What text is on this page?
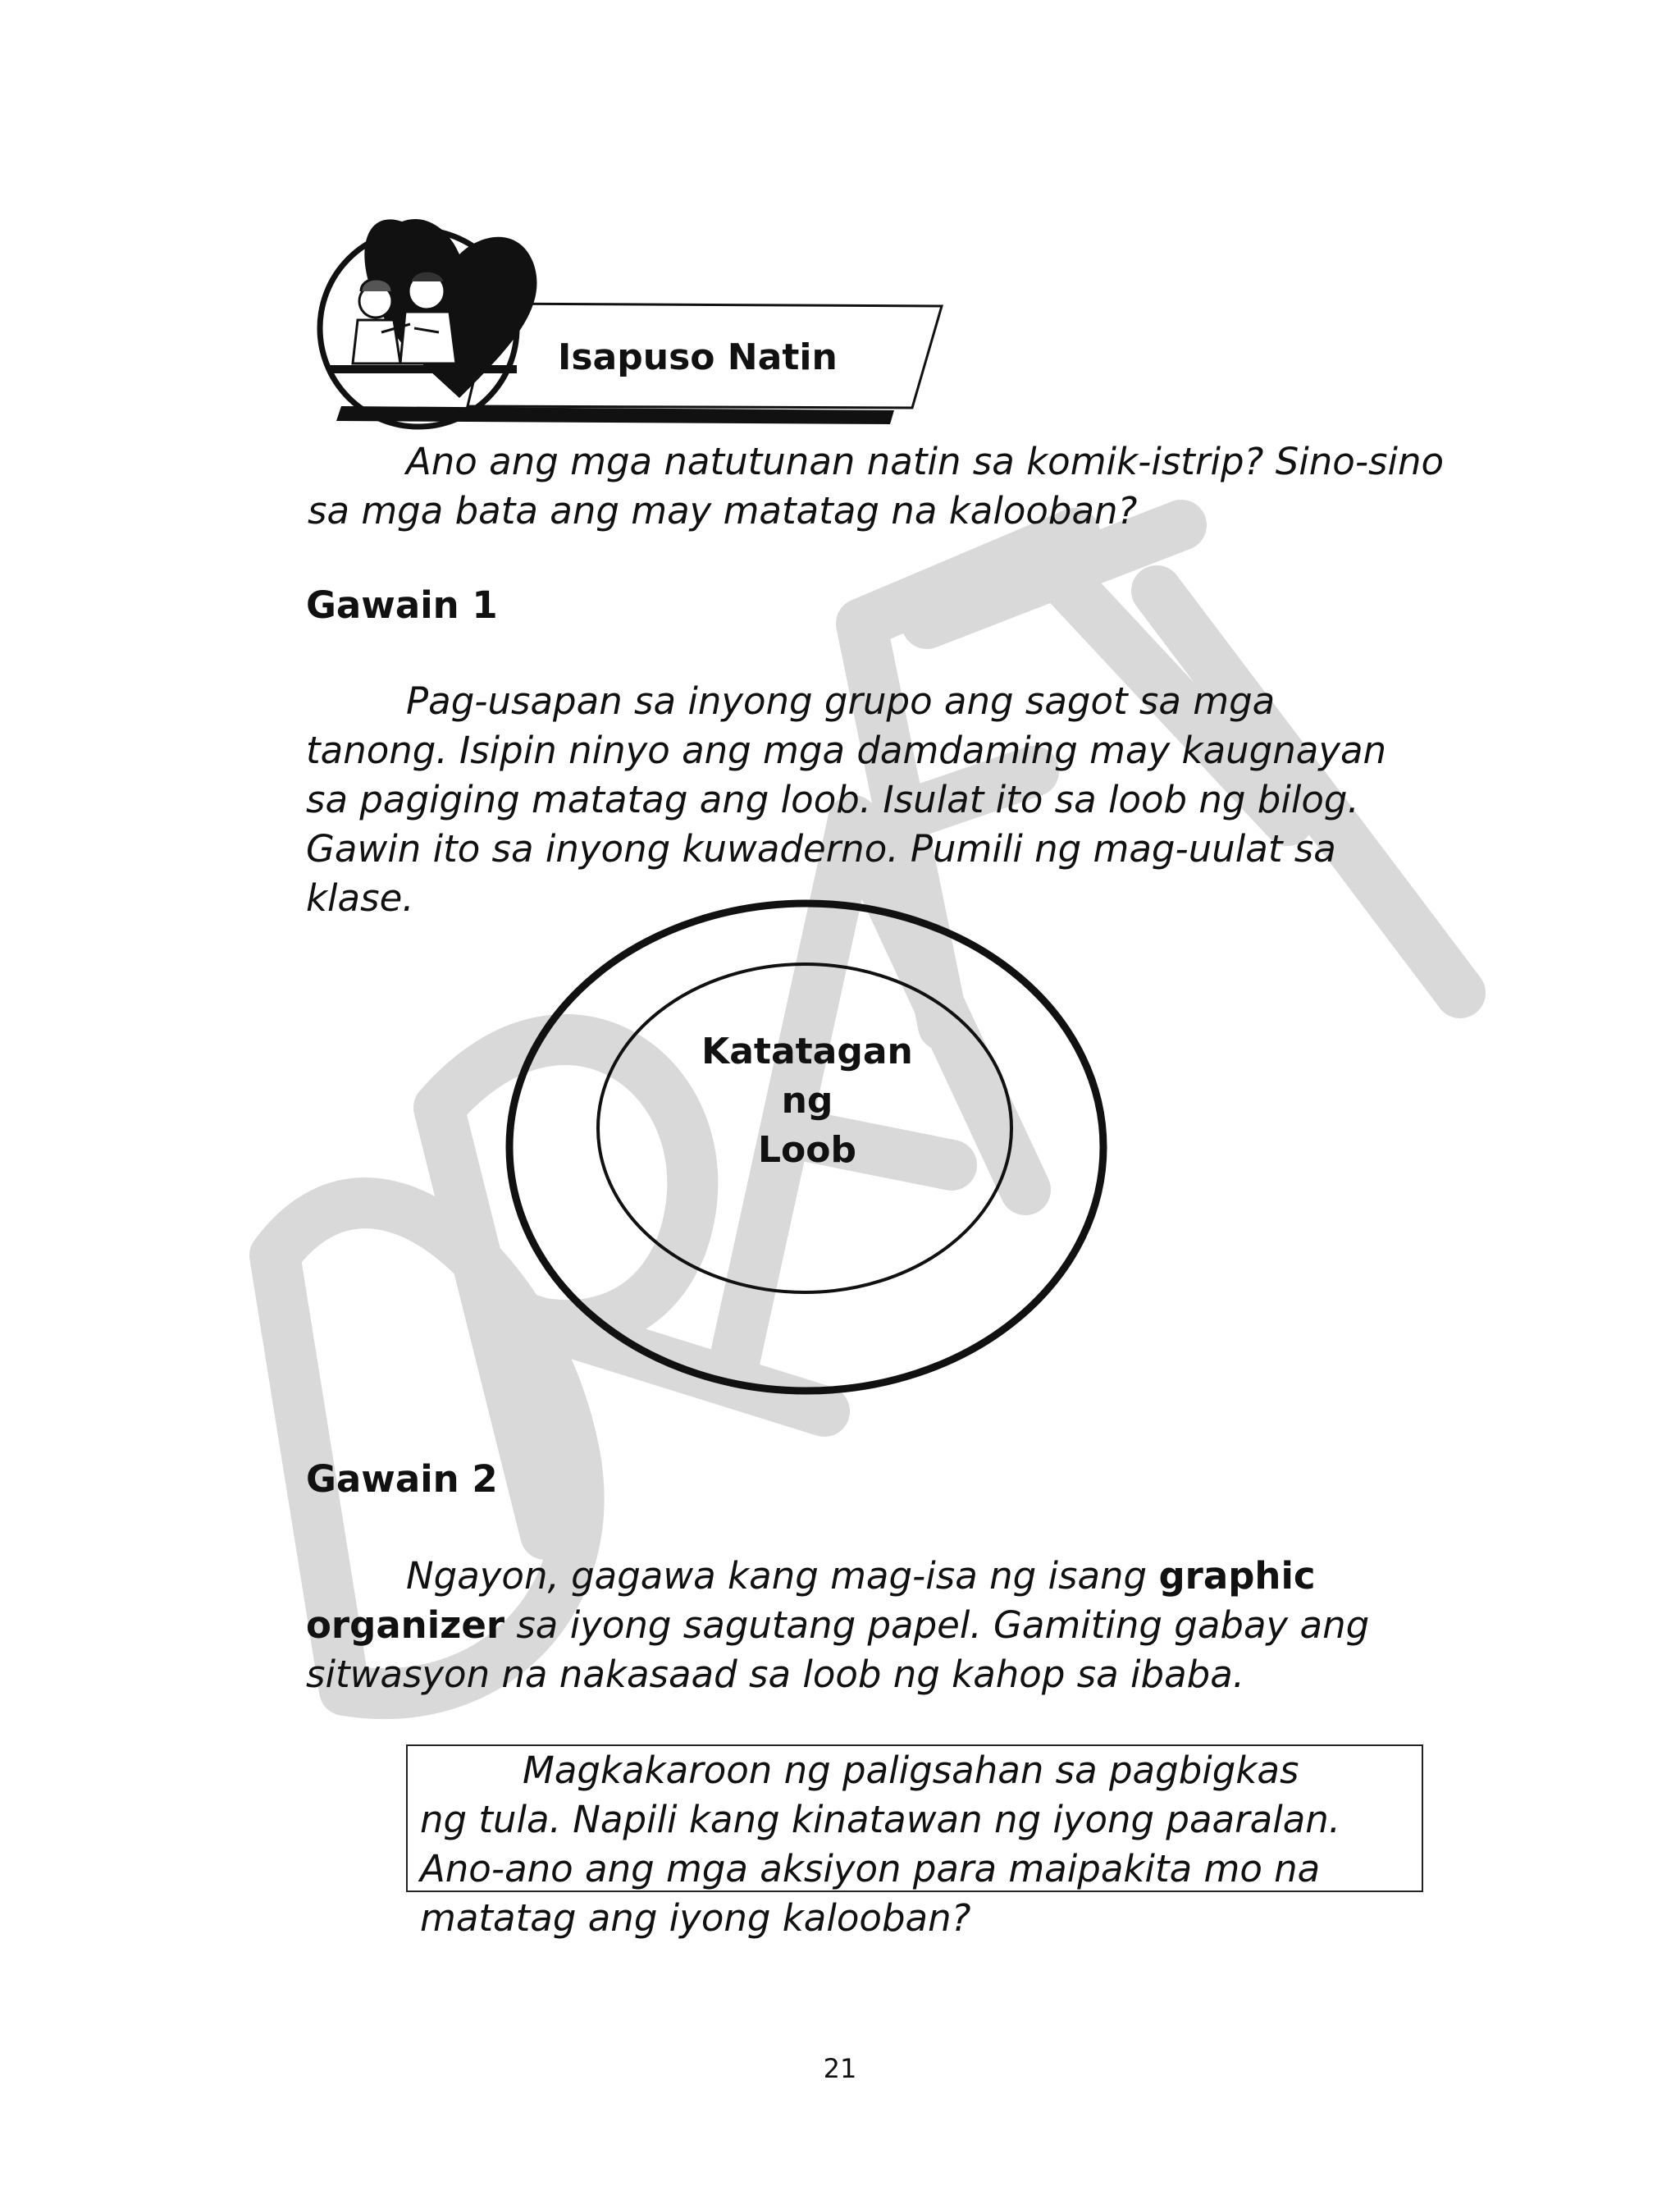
Isapuso Natin
Ano ang mga natutunan natin sa komik-istrip? Sino-sino
sa mga bata ang may matatag na kalooban?
Gawain 1
Pag-usapan sa inyong grupo ang sagot sa mga
tanong. Isipin ninyo ang mga damdaming may kaugnayan
sa pagiging matatag ang loob. Isulat ito sa loob ng bilog.
Gawin ito sa inyong kuwaderno. Pumili ng mag-uulat sa
klase.
Katatagan
ng
Loob
Gawain 2
Ngayon, gagawa kang mag-isa ng isang graphic
organizer sa iyong sagutang papel. Gamiting gabay ang
sitwasyon na nakasaad sa loob ng kahop sa ibaba.
Magkakaroon ng paligsahan sa pagbigkas
ng tula. Napili kang kinatawan ng iyong paaralan.
Ano-ano ang mga aksiyon para maipakita mo na
matatag ang iyong kalooban?
21
